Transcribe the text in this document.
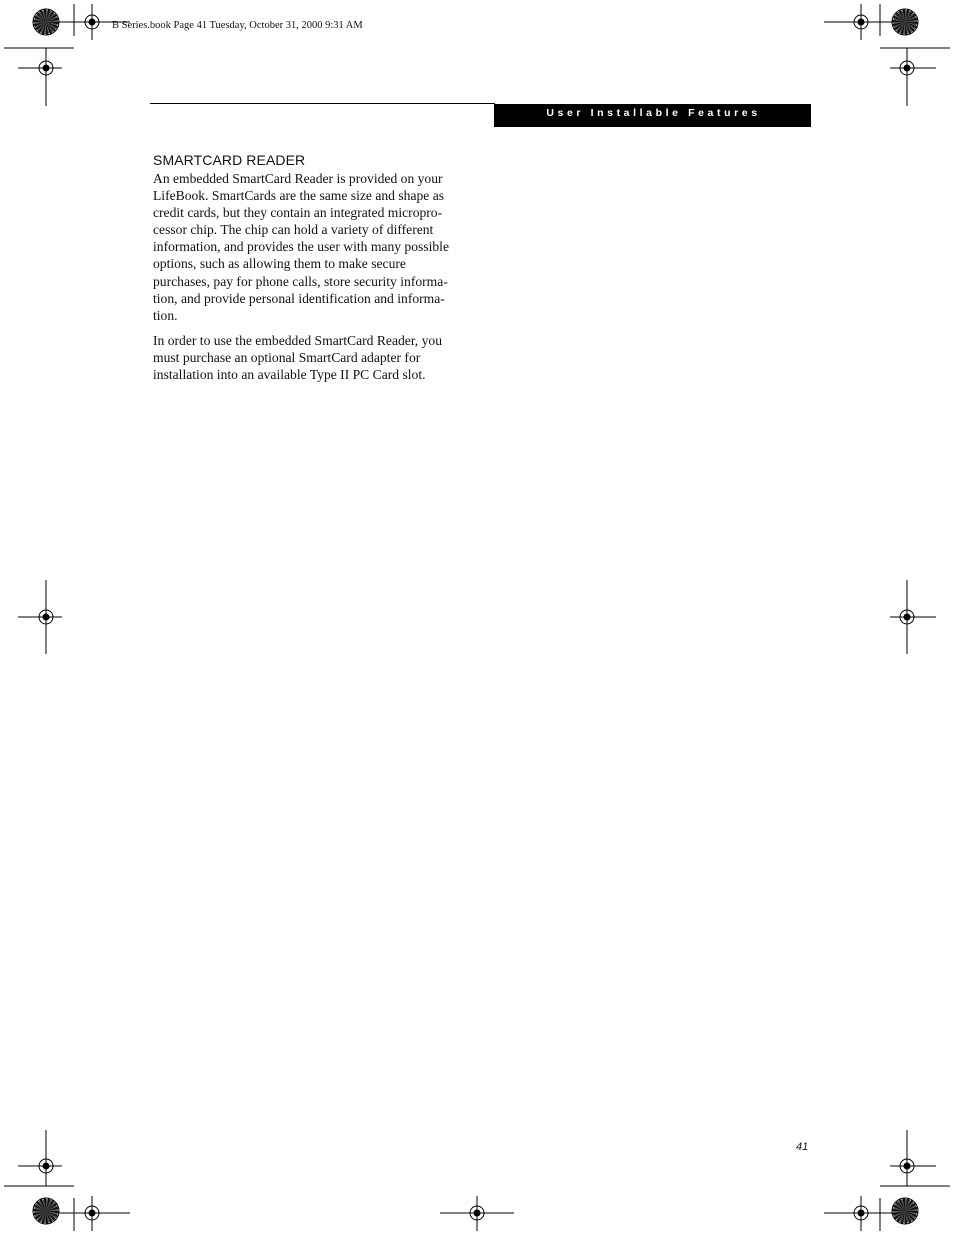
B Series.book Page 41 Tuesday, October 31, 2000 9:31 AM
User Installable Features
SMARTCARD READER

An embedded SmartCard Reader is provided on your
LifeBook. SmartCards are the same size and shape as
credit cards, but they contain an integrated micropro-
cessor chip. The chip can hold a variety of different
information, and provides the user with many possible
options, such as allowing them to make secure
purchases, pay for phone calls, store security informa-
tion, and provide personal identification and informa-
tion.

In order to use the embedded SmartCard Reader, you
must purchase an optional SmartCard adapter for
installation into an available Type II PC Card slot.

41
